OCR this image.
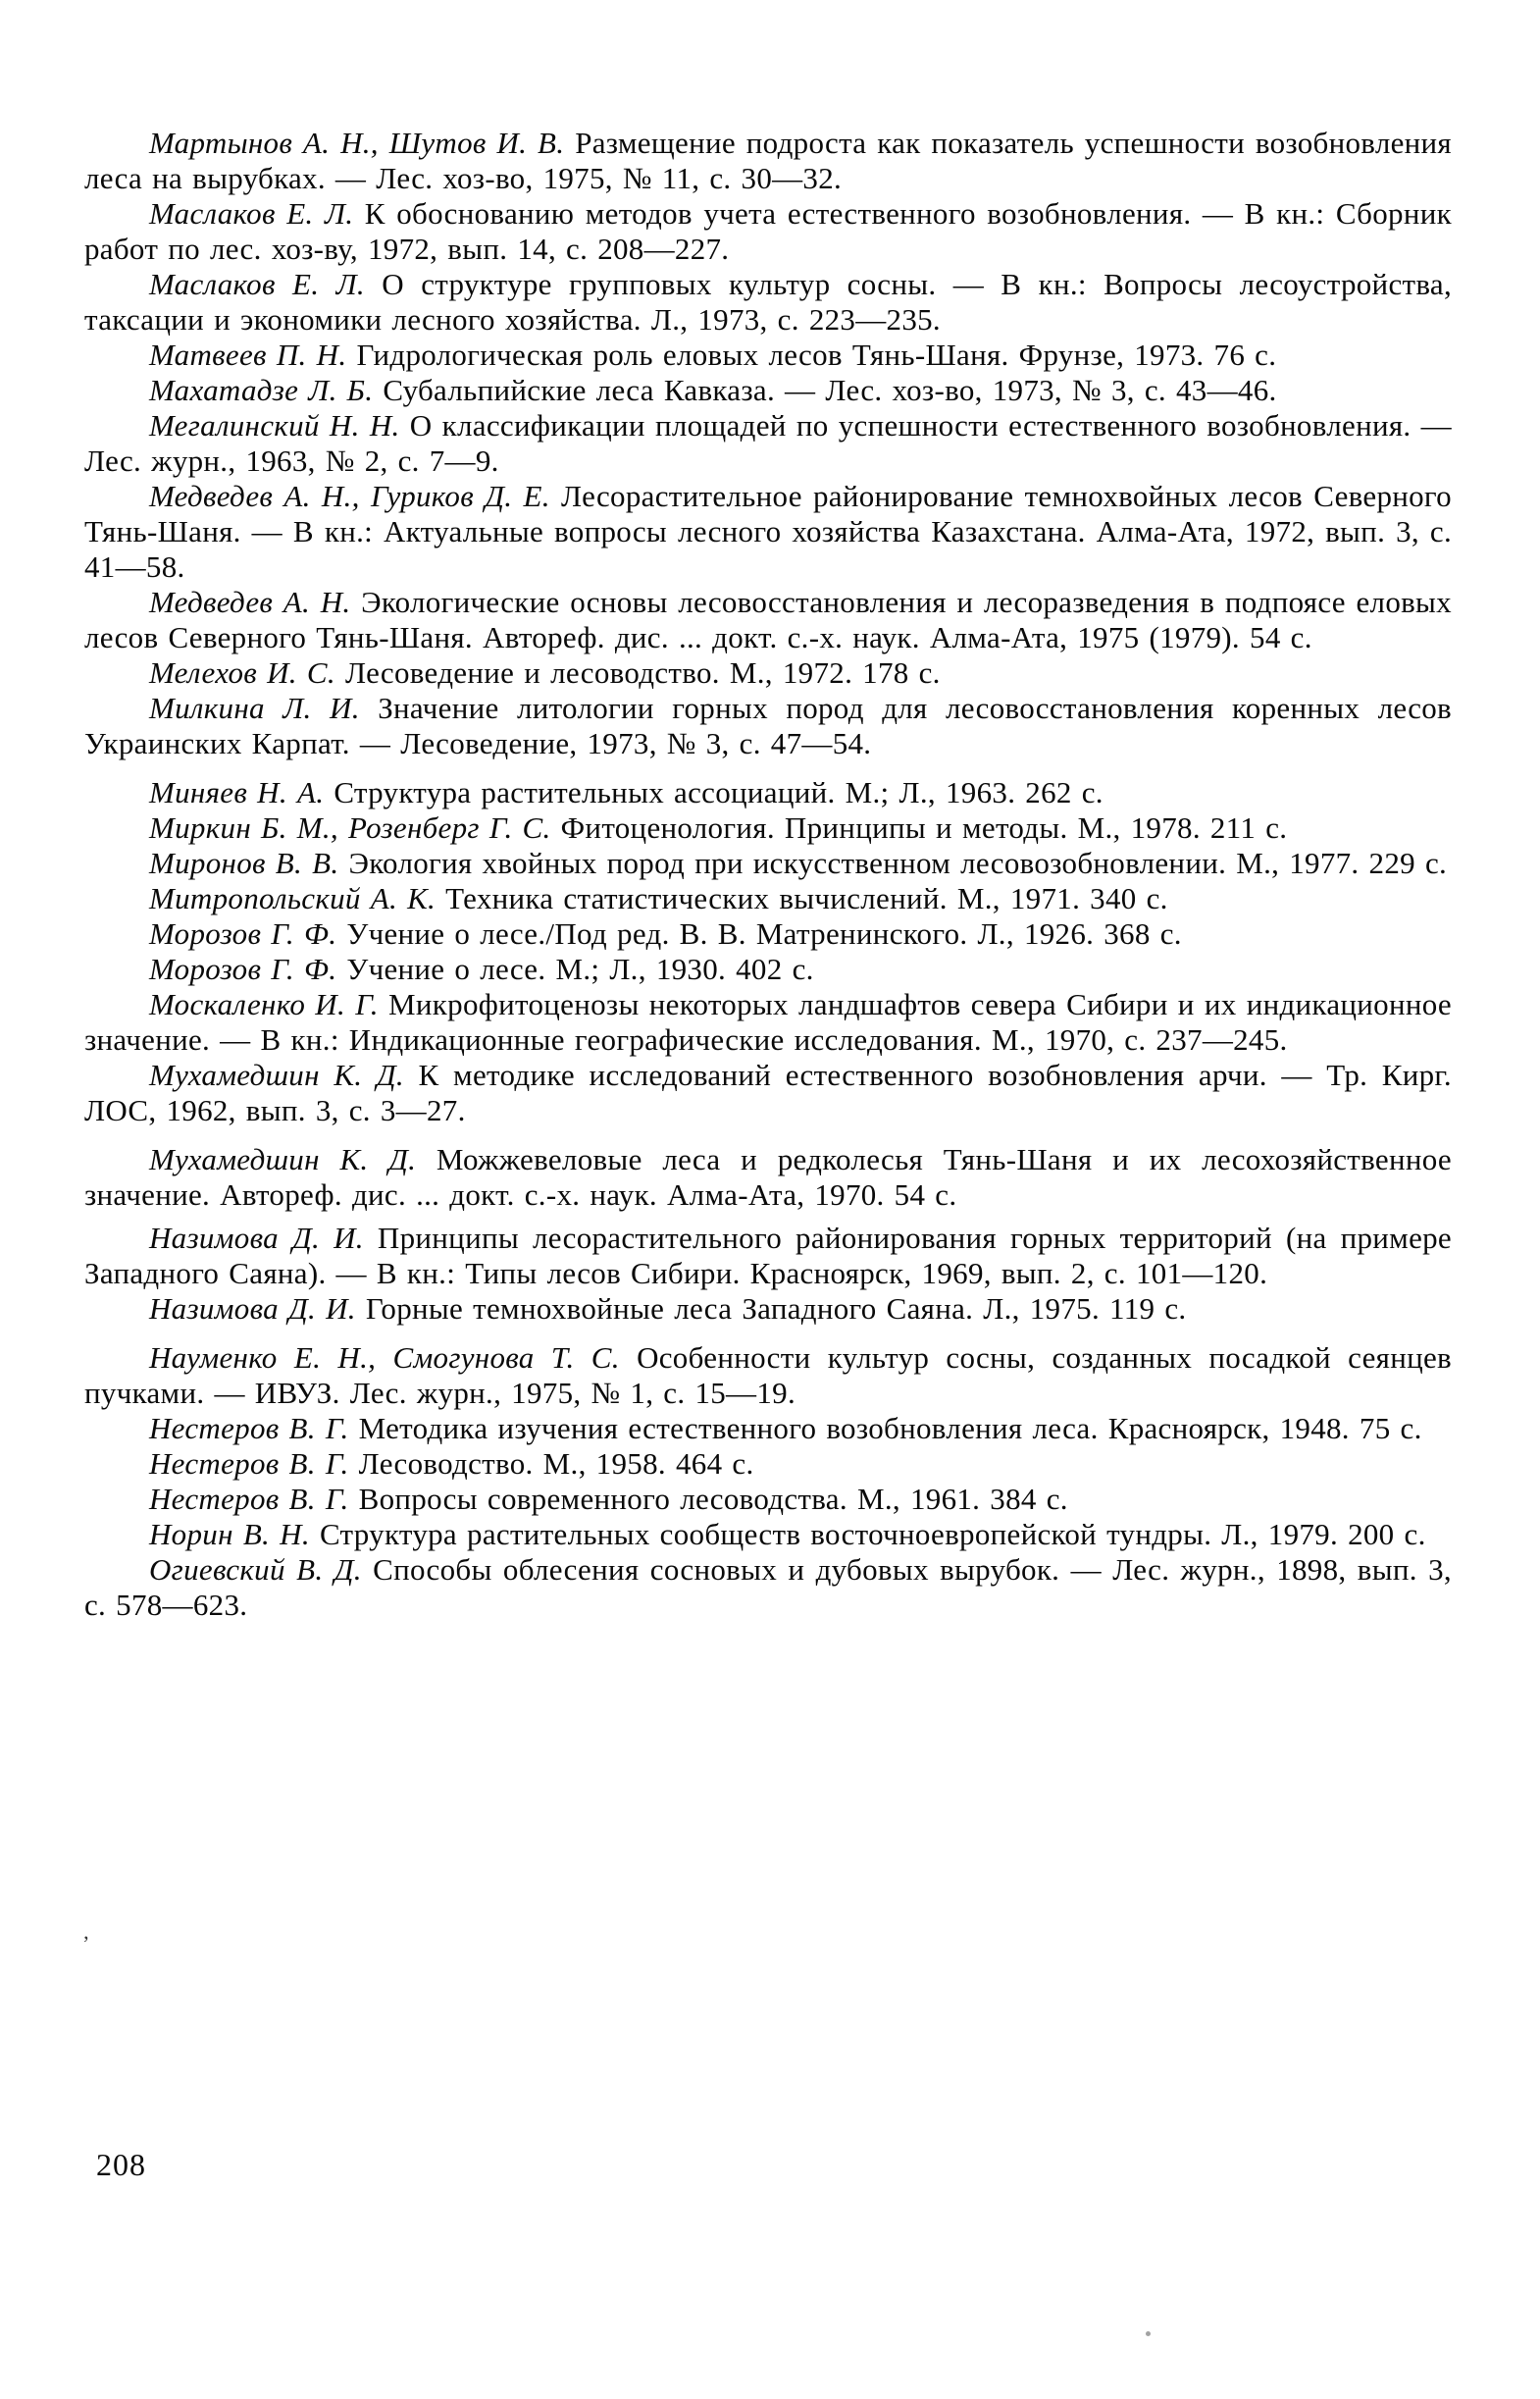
Мартынов А. Н., Шутов И. В. Размещение подроста как показатель успешности возобновления леса на вырубках. — Лес. хоз-во, 1975, № 11, с. 30—32.

Маслаков Е. Л. К обоснованию методов учета естественного возобновления. — В кн.: Сборник работ по лес. хоз-ву, 1972, вып. 14, с. 208—227.

Маслаков Е. Л. О структуре групповых культур сосны. — В кн.: Вопросы лесоустройства, таксации и экономики лесного хозяйства. Л., 1973, с. 223—235.

Матвеев П. Н. Гидрологическая роль еловых лесов Тянь-Шаня. Фрунзе, 1973. 76 с.

Махатадзе Л. Б. Субальпийские леса Кавказа. — Лес. хоз-во, 1973, № 3, с. 43—46.

Мегалинский Н. Н. О классификации площадей по успешности естественного возобновления. — Лес. журн., 1963, № 2, с. 7—9.

Медведев А. Н., Гуриков Д. Е. Лесорастительное районирование темнохвойных лесов Северного Тянь-Шаня. — В кн.: Актуальные вопросы лесного хозяйства Казахстана. Алма-Ата, 1972, вып. 3, с. 41—58.

Медведев А. Н. Экологические основы лесовосстановления и лесоразведения в подпоясе еловых лесов Северного Тянь-Шаня. Автореф. дис. ... докт. с.-х. наук. Алма-Ата, 1975 (1979). 54 с.

Мелехов И. С. Лесоведение и лесоводство. М., 1972. 178 с.

Милкина Л. И. Значение литологии горных пород для лесовосстановления коренных лесов Украинских Карпат. — Лесоведение, 1973, № 3, с. 47—54.

Миняев Н. А. Структура растительных ассоциаций. М.; Л., 1963. 262 с.

Миркин Б. М., Розенберг Г. С. Фитоценология. Принципы и методы. М., 1978. 211 с.

Миронов В. В. Экология хвойных пород при искусственном лесовозобновлении. М., 1977. 229 с.

Митропольский А. К. Техника статистических вычислений. М., 1971. 340 с.

Морозов Г. Ф. Учение о лесе./Под ред. В. В. Матренинского. Л., 1926. 368 с.

Морозов Г. Ф. Учение о лесе. М.; Л., 1930. 402 с.

Москаленко И. Г. Микрофитоценозы некоторых ландшафтов севера Сибири и их индикационное значение. — В кн.: Индикационные географические исследования. М., 1970, с. 237—245.

Мухамедшин К. Д. К методике исследований естественного возобновления арчи. — Тр. Кирг. ЛОС, 1962, вып. 3, с. 3—27.

Мухамедшин К. Д. Можжевеловые леса и редколесья Тянь-Шаня и их лесохозяйственное значение. Автореф. дис. ... докт. с.-х. наук. Алма-Ата, 1970. 54 с.

Назимова Д. И. Принципы лесорастительного районирования горных территорий (на примере Западного Саяна). — В кн.: Типы лесов Сибири. Красноярск, 1969, вып. 2, с. 101—120.

Назимова Д. И. Горные темнохвойные леса Западного Саяна. Л., 1975. 119 с.

Науменко Е. Н., Смогунова Т. С. Особенности культур сосны, созданных посадкой сеянцев пучками. — ИВУЗ. Лес. журн., 1975, № 1, с. 15—19.

Нестеров В. Г. Методика изучения естественного возобновления леса. Красноярск, 1948. 75 с.

Нестеров В. Г. Лесоводство. М., 1958. 464 с.

Нестеров В. Г. Вопросы современного лесоводства. М., 1961. 384 с.

Норин В. Н. Структура растительных сообществ восточноевропейской тундры. Л., 1979. 200 с.

Огиевский В. Д. Способы облесения сосновых и дубовых вырубок. — Лес. журн., 1898, вып. 3, с. 578—623.

208
’
